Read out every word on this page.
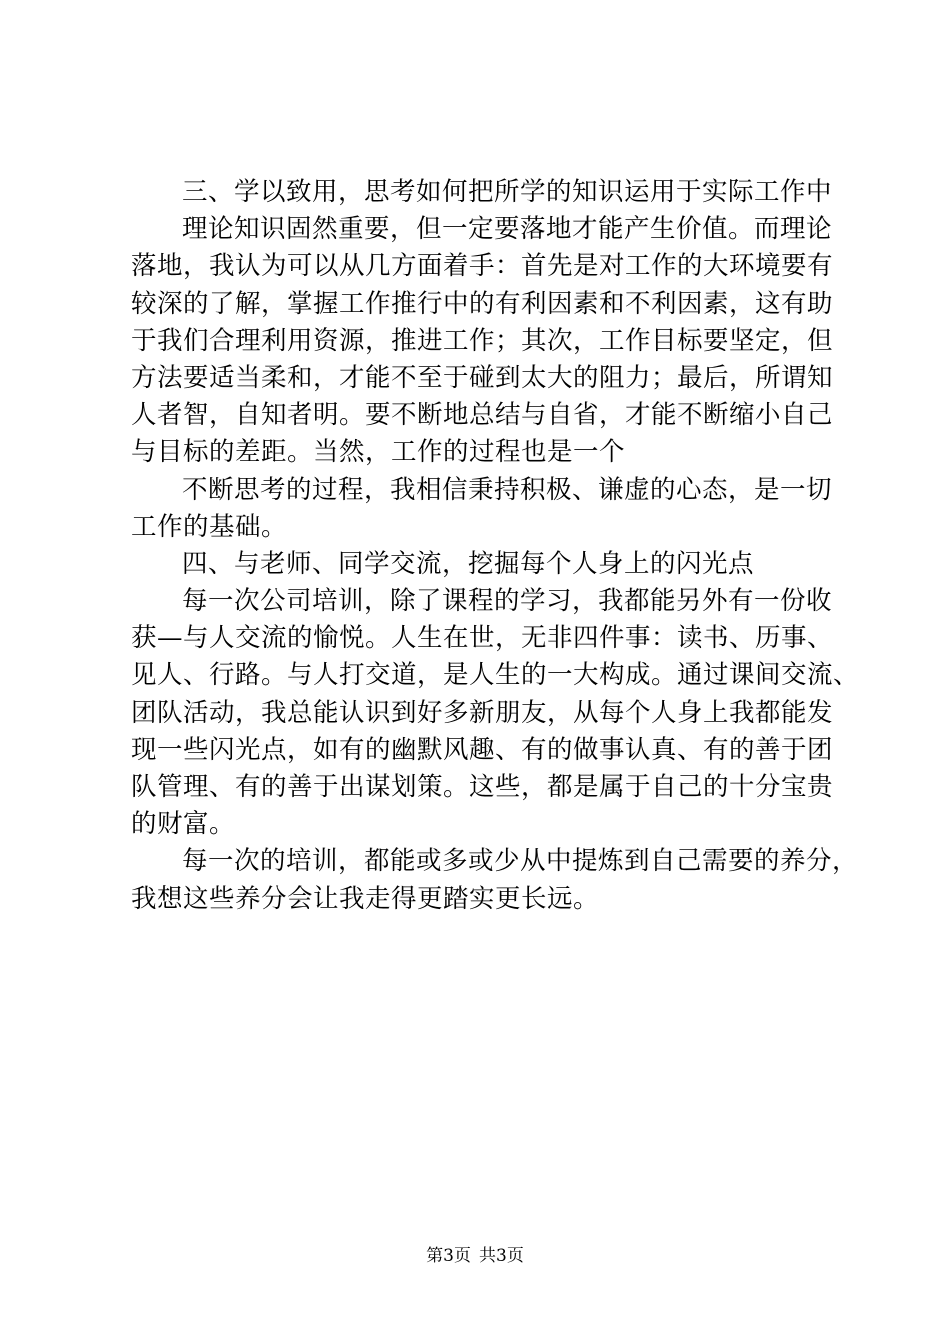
三、学以致用，思考如何把所学的知识运用于实际工作中
理论知识固然重要，但一定要落地才能产生价值。而理论
落地，我认为可以从几方面着手：首先是对工作的大环境要有
较深的了解，掌握工作推行中的有利因素和不利因素，这有助
于我们合理利用资源，推进工作；其次，工作目标要坚定，但
方法要适当柔和，才能不至于碰到太大的阻力；最后，所谓知
人者智，自知者明。要不断地总结与自省，才能不断缩小自己
与目标的差距。当然，工作的过程也是一个
不断思考的过程，我相信秉持积极、谦虚的心态，是一切
工作的基础。
四、与老师、同学交流，挖掘每个人身上的闪光点
每一次公司培训，除了课程的学习，我都能另外有一份收
获—与人交流的愉悦。人生在世，无非四件事：读书、历事、
见人、行路。与人打交道，是人生的一大构成。通过课间交流、
团队活动，我总能认识到好多新朋友，从每个人身上我都能发
现一些闪光点，如有的幽默风趣、有的做事认真、有的善于团
队管理、有的善于出谋划策。这些，都是属于自己的十分宝贵
的财富。
每一次的培训，都能或多或少从中提炼到自己需要的养分，
我想这些养分会让我走得更踏实更长远。
第3页 共3页
